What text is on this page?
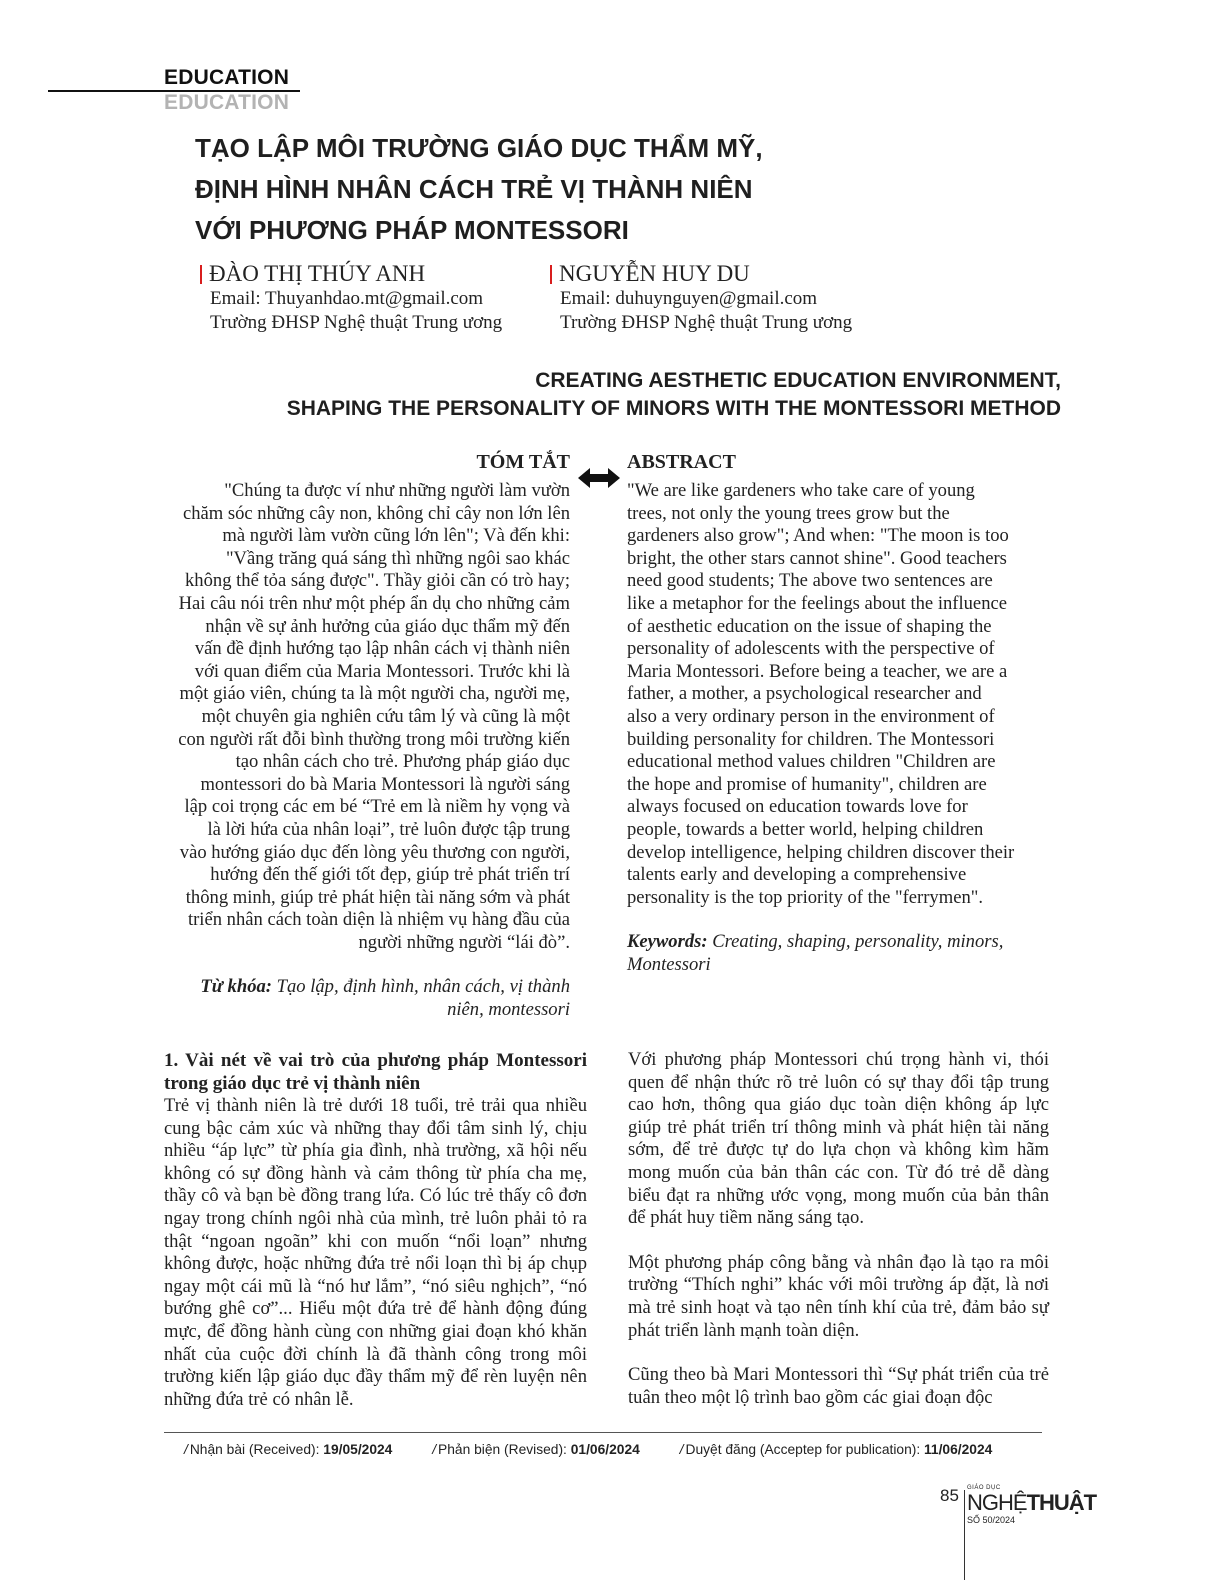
EDUCATION
EDUCATION
TẠO LẬP MÔI TRƯỜNG GIÁO DỤC THẨM MỸ,
ĐỊNH HÌNH NHÂN CÁCH TRẺ VỊ THÀNH NIÊN
VỚI PHƯƠNG PHÁP MONTESSORI
ĐÀO THỊ THÚY ANH
Email: Thuyanhdao.mt@gmail.com
Trường ĐHSP Nghệ thuật Trung ương
NGUYỄN HUY DU
Email: duhuynguyen@gmail.com
Trường ĐHSP Nghệ thuật Trung ương
CREATING AESTHETIC EDUCATION ENVIRONMENT,
SHAPING THE PERSONALITY OF MINORS WITH THE MONTESSORI METHOD
TÓM TẮT
"Chúng ta được ví như những người làm vườn
chăm sóc những cây non, không chỉ cây non lớn lên
mà người làm vườn cũng lớn lên"; Và đến khi:
"Vầng trăng quá sáng thì những ngôi sao khác
không thể tỏa sáng được". Thầy giỏi cần có trò hay;
Hai câu nói trên như một phép ẩn dụ cho những cảm
nhận về sự ảnh hưởng của giáo dục thẩm mỹ đến
vấn đề định hướng tạo lập nhân cách vị thành niên
với quan điểm của Maria Montessori. Trước khi là
một giáo viên, chúng ta là một người cha, người mẹ,
một chuyên gia nghiên cứu tâm lý và cũng là một
con người rất đỗi bình thường trong môi trường kiến
tạo nhân cách cho trẻ. Phương pháp giáo dục
montessori do bà Maria Montessori là người sáng
lập coi trọng các em bé “Trẻ em là niềm hy vọng và
là lời hứa của nhân loại”, trẻ luôn được tập trung
vào hướng giáo dục đến lòng yêu thương con người,
hướng đến thế giới tốt đẹp, giúp trẻ phát triển trí
thông minh, giúp trẻ phát hiện tài năng sớm và phát
triển nhân cách toàn diện là nhiệm vụ hàng đầu của
người những người “lái đò”.
Từ khóa: Tạo lập, định hình, nhân cách, vị thành
niên, montessori
ABSTRACT
"We are like gardeners who take care of young
trees, not only the young trees grow but the
gardeners also grow"; And when: "The moon is too
bright, the other stars cannot shine". Good teachers
need good students; The above two sentences are
like a metaphor for the feelings about the influence
of aesthetic education on the issue of shaping the
personality of adolescents with the perspective of
Maria Montessori. Before being a teacher, we are a
father, a mother, a psychological researcher and
also a very ordinary person in the environment of
building personality for children. The Montessori
educational method values children "Children are
the hope and promise of humanity", children are
always focused on education towards love for
people, towards a better world, helping children
develop intelligence, helping children discover their
talents early and developing a comprehensive
personality is the top priority of the "ferrymen".
Keywords: Creating, shaping, personality, minors,
Montessori
1. Vài nét về vai trò của phương pháp Montessori trong giáo dục trẻ vị thành niên
Trẻ vị thành niên là trẻ dưới 18 tuổi, trẻ trải qua nhiều cung bậc cảm xúc và những thay đổi tâm sinh lý, chịu nhiều “áp lực” từ phía gia đình, nhà trường, xã hội nếu không có sự đồng hành và cảm thông từ phía cha mẹ, thầy cô và bạn bè đồng trang lứa. Có lúc trẻ thấy cô đơn ngay trong chính ngôi nhà của mình, trẻ luôn phải tỏ ra thật “ngoan ngoãn” khi con muốn “nổi loạn” nhưng không được, hoặc những đứa trẻ nổi loạn thì bị áp chụp ngay một cái mũ là “nó hư lắm”, “nó siêu nghịch”, “nó bướng ghê cơ”... Hiểu một đứa trẻ để hành động đúng mực, để đồng hành cùng con những giai đoạn khó khăn nhất của cuộc đời chính là đã thành công trong môi trường kiến lập giáo dục đầy thẩm mỹ để rèn luyện nên những đứa trẻ có nhân lễ.

Với phương pháp Montessori chú trọng hành vi, thói quen để nhận thức rõ trẻ luôn có sự thay đổi tập trung cao hơn, thông qua giáo dục toàn diện không áp lực giúp trẻ phát triển trí thông minh và phát hiện tài năng sớm, để trẻ được tự do lựa chọn và không kìm hãm mong muốn của bản thân các con. Từ đó trẻ dễ dàng biểu đạt ra những ước vọng, mong muốn của bản thân để phát huy tiềm năng sáng tạo.

Một phương pháp công bằng và nhân đạo là tạo ra môi trường “Thích nghi” khác với môi trường áp đặt, là nơi mà trẻ sinh hoạt và tạo nên tính khí của trẻ, đảm bảo sự phát triển lành mạnh toàn diện.

Cũng theo bà Mari Montessori thì “Sự phát triển của trẻ tuân theo một lộ trình bao gồm các giai đoạn độc

/ Nhận bài (Received): 19/05/2024	/ Phản biện (Revised): 01/06/2024	/ Duyệt đăng (Acceptep for publication): 11/06/2024
85 GIÁO DỤC
NGHỆTHUẬT
SỐ 50/2024
